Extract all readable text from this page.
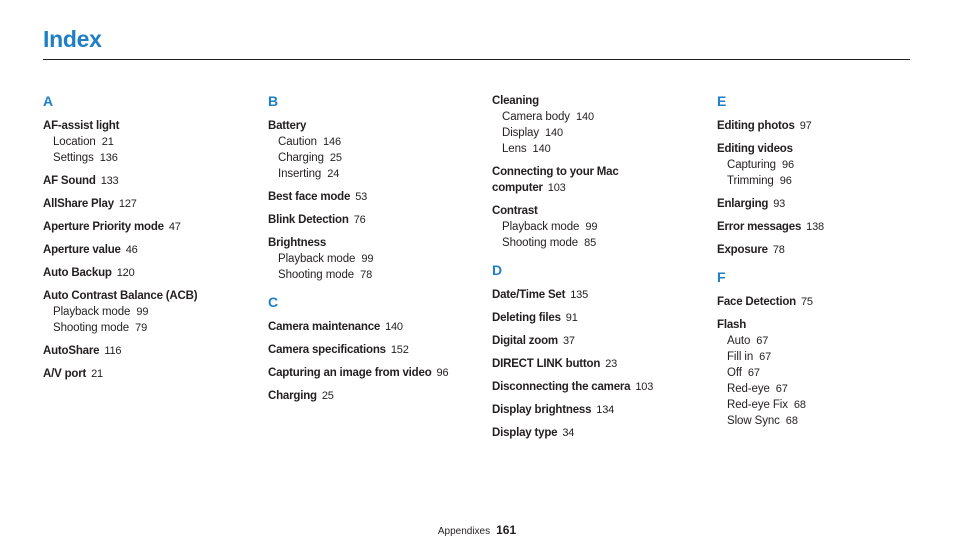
Index
A
AF-assist light
Location 21
Settings 136
AF Sound 133
AllShare Play 127
Aperture Priority mode 47
Aperture value 46
Auto Backup 120
Auto Contrast Balance (ACB)
Playback mode 99
Shooting mode 79
AutoShare 116
A/V port 21
B
Battery
Caution 146
Charging 25
Inserting 24
Best face mode 53
Blink Detection 76
Brightness
Playback mode 99
Shooting mode 78
C
Camera maintenance 140
Camera specifications 152
Capturing an image from video 96
Charging 25
Cleaning
Camera body 140
Display 140
Lens 140
Connecting to your Mac
computer 103
Contrast
Playback mode 99
Shooting mode 85
D
Date/Time Set 135
Deleting files 91
Digital zoom 37
DIRECT LINK button 23
Disconnecting the camera 103
Display brightness 134
Display type 34
E
Editing photos 97
Editing videos
Capturing 96
Trimming 96
Enlarging 93
Error messages 138
Exposure 78
F
Face Detection 75
Flash
Auto 67
Fill in 67
Off 67
Red-eye 67
Red-eye Fix 68
Slow Sync 68
Appendixes 161
